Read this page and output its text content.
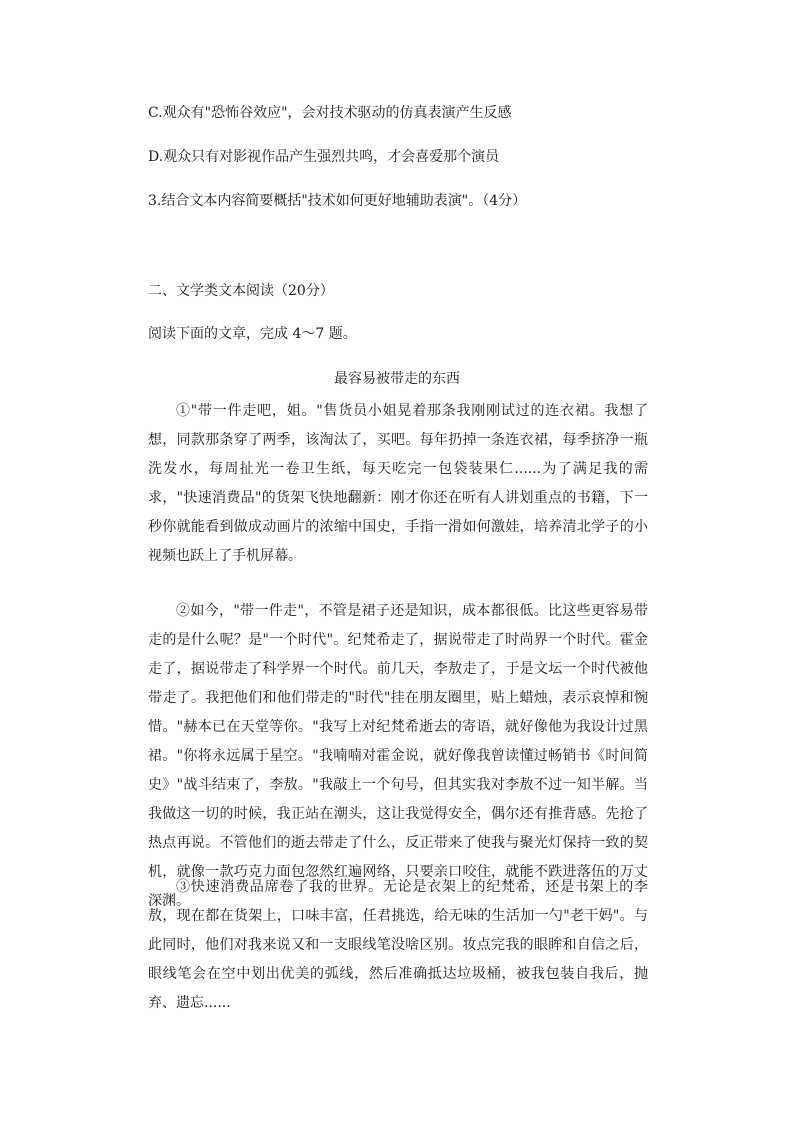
C.观众有"恐怖谷效应"，会对技术驱动的仿真表演产生反感
D.观众只有对影视作品产生强烈共鸣，才会喜爱那个演员
3.结合文本内容简要概括"技术如何更好地辅助表演"。（4分）
二、文学类文本阅读（20分）
阅读下面的文章，完成 4～7 题。
最容易被带走的东西

①"带一件走吧，姐。"售货员小姐晃着那条我刚刚试过的连衣裙。我想了想，同款那条穿了两季，该淘汰了，买吧。每年扔掉一条连衣裙，每季挤净一瓶洗发水，每周扯光一卷卫生纸，每天吃完一包袋装果仁......为了满足我的需求，"快速消费品"的货架飞快地翻新：刚才你还在听有人讲划重点的书籍，下一秒你就能看到做成动画片的浓缩中国史，手指一滑如何激娃，培养清北学子的小视频也跃上了手机屏幕。

②如今，"带一件走"，不管是裙子还是知识，成本都很低。比这些更容易带走的是什么呢？是"一个时代"。纪梵希走了，据说带走了时尚界一个时代。霍金走了，据说带走了科学界一个时代。前几天，李敖走了，于是文坛一个时代被他带走了。我把他们和他们带走的"时代"挂在朋友圈里，贴上蜡烛，表示哀悼和惋惜。"赫本已在天堂等你。"我写上对纪梵希逝去的寄语，就好像他为我设计过黑裙。"你将永远属于星空。"我喃喃对霍金说，就好像我曾读懂过畅销书《时间简史》"战斗结束了，李敖。"我敲上一个句号，但其实我对李敖不过一知半解。当我做这一切的时候，我正站在潮头，这让我觉得安全，偶尔还有推背感。先抢了热点再说。不管他们的逝去带走了什么，反正带来了使我与聚光灯保持一致的契机，就像一款巧克力面包忽然红遍网络，只要亲口咬住，就能不跌进落伍的万丈深渊。

③快速消费品席卷了我的世界。无论是衣架上的纪梵希，还是书架上的李敖，现在都在货架上，口味丰富，任君挑选，给无味的生活加一勺"老干妈"。与此同时，他们对我来说又和一支眼线笔没啥区别。妆点完我的眼眸和自信之后，眼线笔会在空中划出优美的弧线，然后准确抵达垃圾桶，被我包装自我后，抛弃、遗忘......
